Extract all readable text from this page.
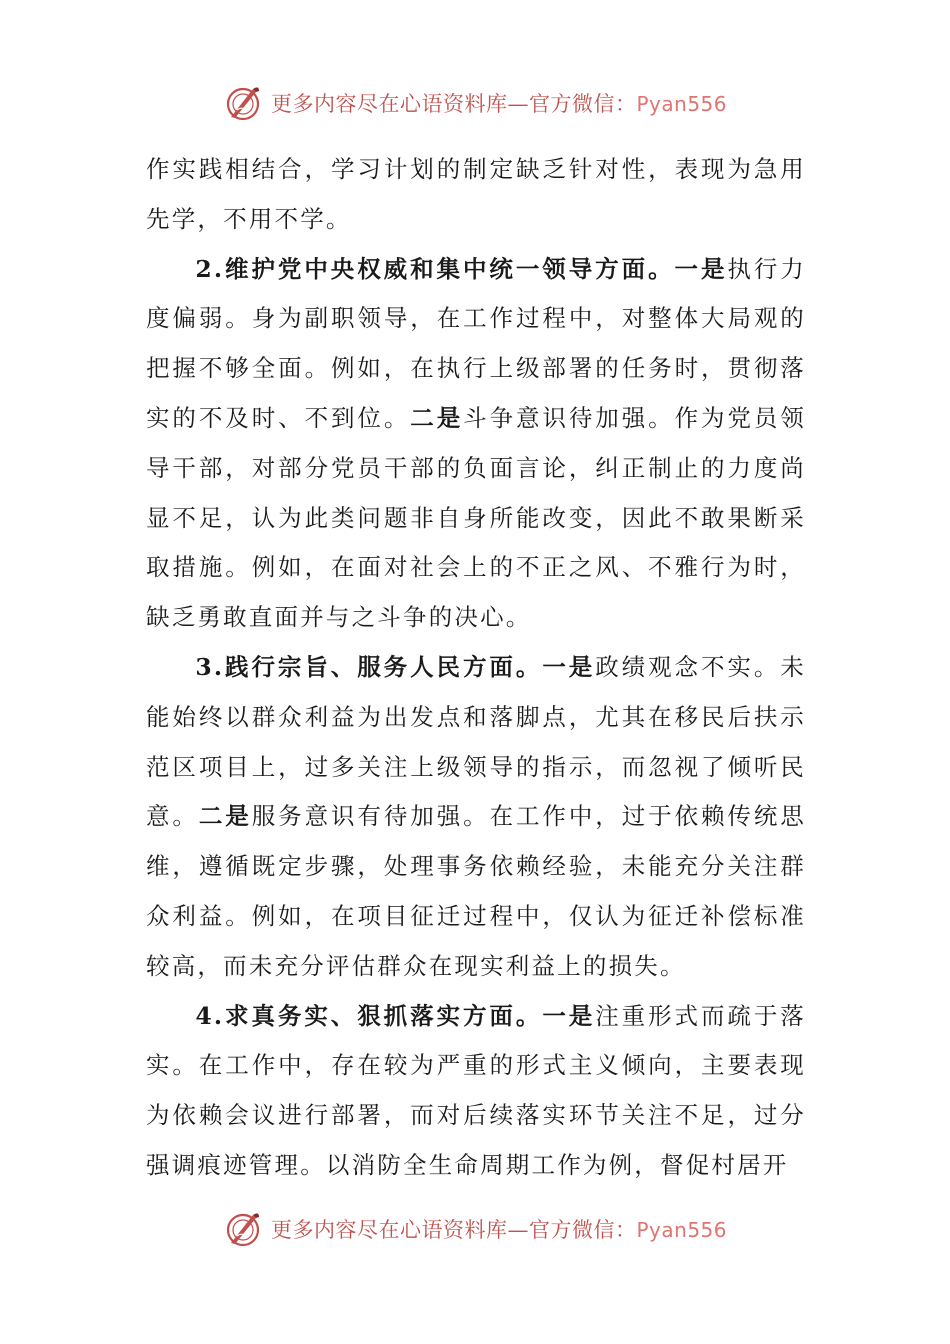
更多内容尽在心语资料库—官方微信：Pyan556

作实践相结合，学习计划的制定缺乏针对性，表现为急用先学，不用不学。

2.维护党中央权威和集中统一领导方面。一是执行力度偏弱。身为副职领导，在工作过程中，对整体大局观的把握不够全面。例如，在执行上级部署的任务时，贯彻落实的不及时、不到位。二是斗争意识待加强。作为党员领导干部，对部分党员干部的负面言论，纠正制止的力度尚显不足，认为此类问题非自身所能改变，因此不敢果断采取措施。例如，在面对社会上的不正之风、不雅行为时，缺乏勇敢直面并与之斗争的决心。

3.践行宗旨、服务人民方面。一是政绩观念不实。未能始终以群众利益为出发点和落脚点，尤其在移民后扶示范区项目上，过多关注上级领导的指示，而忽视了倾听民意。二是服务意识有待加强。在工作中，过于依赖传统思维，遵循既定步骤，处理事务依赖经验，未能充分关注群众利益。例如，在项目征迁过程中，仅认为征迁补偿标准较高，而未充分评估群众在现实利益上的损失。

4.求真务实、狠抓落实方面。一是注重形式而疏于落实。在工作中，存在较为严重的形式主义倾向，主要表现为依赖会议进行部署，而对后续落实环节关注不足，过分强调痕迹管理。以消防全生命周期工作为例，督促村居开

更多内容尽在心语资料库—官方微信：Pyan556
